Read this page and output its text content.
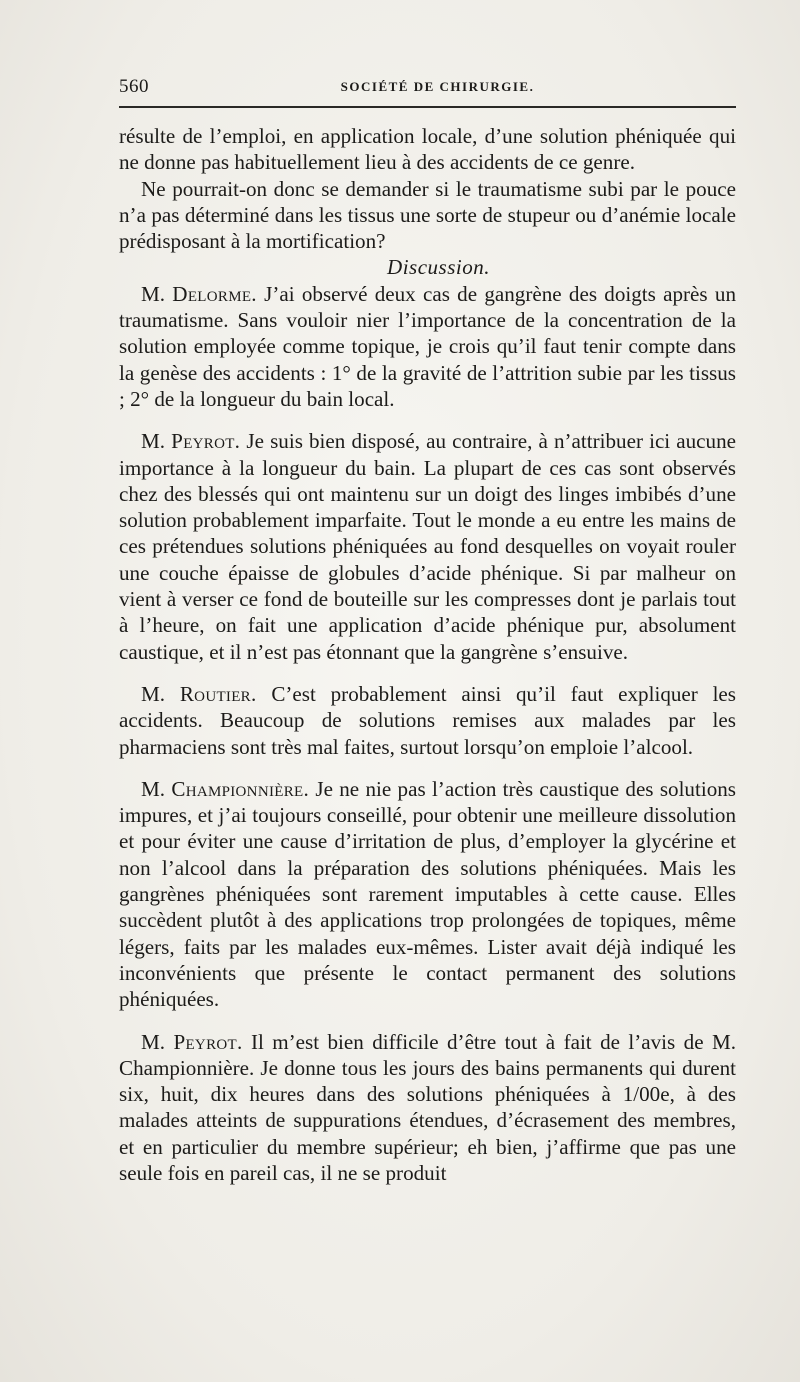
560	SOCIÉTÉ DE CHIRURGIE.

résulte de l’emploi, en application locale, d’une solution phéniquée qui ne donne pas habituellement lieu à des accidents de ce genre.

Ne pourrait-on donc se demander si le traumatisme subi par le pouce n’a pas déterminé dans les tissus une sorte de stupeur ou d’anémie locale prédisposant à la mortification?

Discussion.

M. Delorme. J’ai observé deux cas de gangrène des doigts après un traumatisme. Sans vouloir nier l’importance de la concentration de la solution employée comme topique, je crois qu’il faut tenir compte dans la genèse des accidents : 1° de la gravité de l’attrition subie par les tissus ; 2° de la longueur du bain local.

M. Peyrot. Je suis bien disposé, au contraire, à n’attribuer ici aucune importance à la longueur du bain. La plupart de ces cas sont observés chez des blessés qui ont maintenu sur un doigt des linges imbibés d’une solution probablement imparfaite. Tout le monde a eu entre les mains de ces prétendues solutions phéniquées au fond desquelles on voyait rouler une couche épaisse de globules d’acide phénique. Si par malheur on vient à verser ce fond de bouteille sur les compresses dont je parlais tout à l’heure, on fait une application d’acide phénique pur, absolument caustique, et il n’est pas étonnant que la gangrène s’ensuive.

M. Routier. C’est probablement ainsi qu’il faut expliquer les accidents. Beaucoup de solutions remises aux malades par les pharmaciens sont très mal faites, surtout lorsqu’on emploie l’alcool.

M. Championnière. Je ne nie pas l’action très caustique des solutions impures, et j’ai toujours conseillé, pour obtenir une meilleure dissolution et pour éviter une cause d’irritation de plus, d’employer la glycérine et non l’alcool dans la préparation des solutions phéniquées. Mais les gangrènes phéniquées sont rarement imputables à cette cause. Elles succèdent plutôt à des applications trop prolongées de topiques, même légers, faits par les malades eux-mêmes. Lister avait déjà indiqué les inconvénients que présente le contact permanent des solutions phéniquées.

M. Peyrot. Il m’est bien difficile d’être tout à fait de l’avis de M. Championnière. Je donne tous les jours des bains permanents qui durent six, huit, dix heures dans des solutions phéniquées à 1/00e, à des malades atteints de suppurations étendues, d’écrasement des membres, et en particulier du membre supérieur; eh bien, j’affirme que pas une seule fois en pareil cas, il ne se produit
